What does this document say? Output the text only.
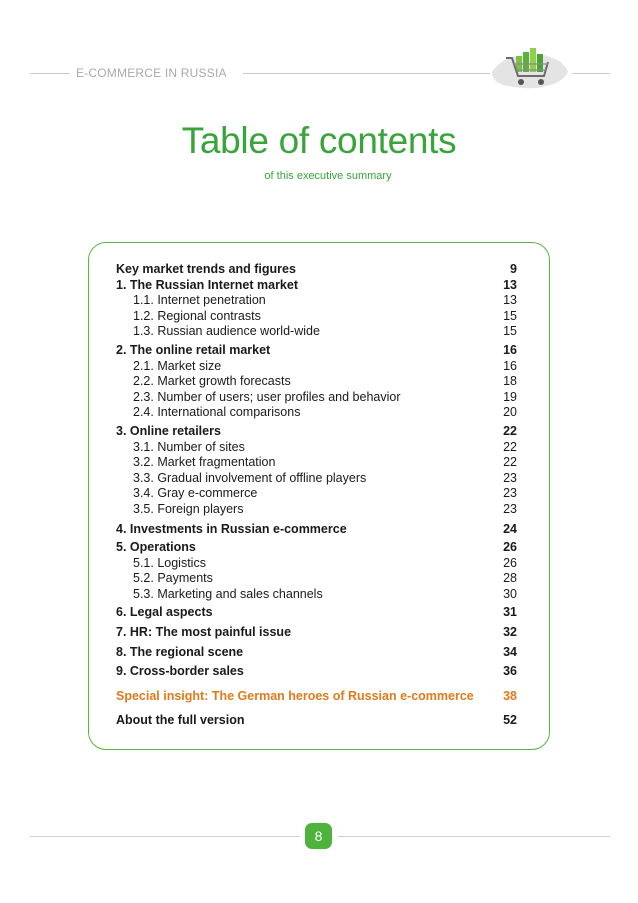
E-COMMERCE IN RUSSIA
Table of contents
of this executive summary
Key market trends and figures	9
1. The Russian Internet market	13
1.1. Internet penetration	13
1.2. Regional contrasts	15
1.3. Russian audience world-wide	15
2. The online retail market	16
2.1. Market size	16
2.2. Market growth forecasts	18
2.3. Number of users; user profiles and behavior	19
2.4. International comparisons	20
3. Online retailers	22
3.1. Number of sites	22
3.2. Market fragmentation	22
3.3. Gradual involvement of offline players	23
3.4. Gray e-commerce	23
3.5. Foreign players	23
4. Investments in Russian e-commerce	24
5. Operations	26
5.1. Logistics	26
5.2. Payments	28
5.3. Marketing and sales channels	30
6. Legal aspects	31
7. HR: The most painful issue	32
8. The regional scene	34
9. Cross-border sales	36
Special insight: The German heroes of Russian e-commerce 38
About the full version	52
8
